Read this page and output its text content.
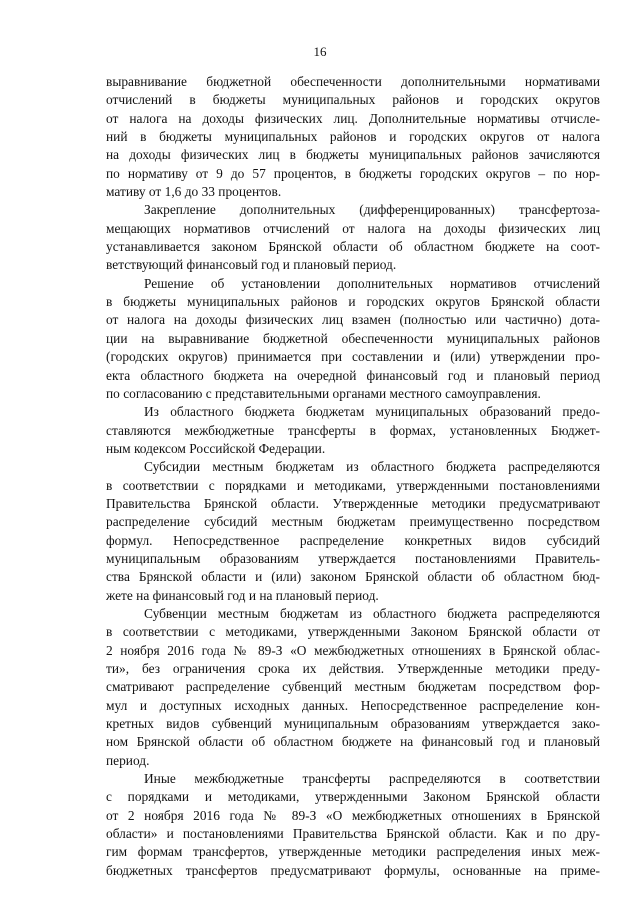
16
выравнивание бюджетной обеспеченности дополнительными нормативами
отчислений в бюджеты муниципальных районов и городских округов
от налога на доходы физических лиц. Дополнительные нормативы отчисле-
ний в бюджеты муниципальных районов и городских округов от налога
на доходы физических лиц в бюджеты муниципальных районов зачисляются
по нормативу от 9 до 57 процентов, в бюджеты городских округов – по нор-
мативу от 1,6 до 33 процентов.
Закрепление дополнительных (дифференцированных) трансфертоза-
мещающих нормативов отчислений от налога на доходы физических лиц
устанавливается законом Брянской области об областном бюджете на соот-
ветствующий финансовый год и плановый период.
Решение об установлении дополнительных нормативов отчислений
в бюджеты муниципальных районов и городских округов Брянской области
от налога на доходы физических лиц взамен (полностью или частично) дота-
ции на выравнивание бюджетной обеспеченности муниципальных районов
(городских округов) принимается при составлении и (или) утверждении про-
екта областного бюджета на очередной финансовый год и плановый период
по согласованию с представительными органами местного самоуправления.
Из областного бюджета бюджетам муниципальных образований предо-
ставляются межбюджетные трансферты в формах, установленных Бюджет-
ным кодексом Российской Федерации.
Субсидии местным бюджетам из областного бюджета распределяются
в соответствии с порядками и методиками, утвержденными постановлениями
Правительства Брянской области. Утвержденные методики предусматривают
распределение субсидий местным бюджетам преимущественно посредством
формул. Непосредственное распределение конкретных видов субсидий
муниципальным образованиям утверждается постановлениями Правитель-
ства Брянской области и (или) законом Брянской области об областном бюд-
жете на финансовый год и на плановый период.
Субвенции местным бюджетам из областного бюджета распределяются
в соответствии с методиками, утвержденными Законом Брянской области от
2 ноября 2016 года № 89-З «О межбюджетных отношениях в Брянской облас-
ти», без ограничения срока их действия. Утвержденные методики преду-
сматривают распределение субвенций местным бюджетам посредством фор-
мул и доступных исходных данных. Непосредственное распределение кон-
кретных видов субвенций муниципальным образованиям утверждается зако-
ном Брянской области об областном бюджете на финансовый год и плановый
период.
Иные межбюджетные трансферты распределяются в соответствии
с порядками и методиками, утвержденными Законом Брянской области
от 2 ноября 2016 года № 89-З «О межбюджетных отношениях в Брянской
области» и постановлениями Правительства Брянской области. Как и по дру-
гим формам трансфертов, утвержденные методики распределения иных меж-
бюджетных трансфертов предусматривают формулы, основанные на приме-
